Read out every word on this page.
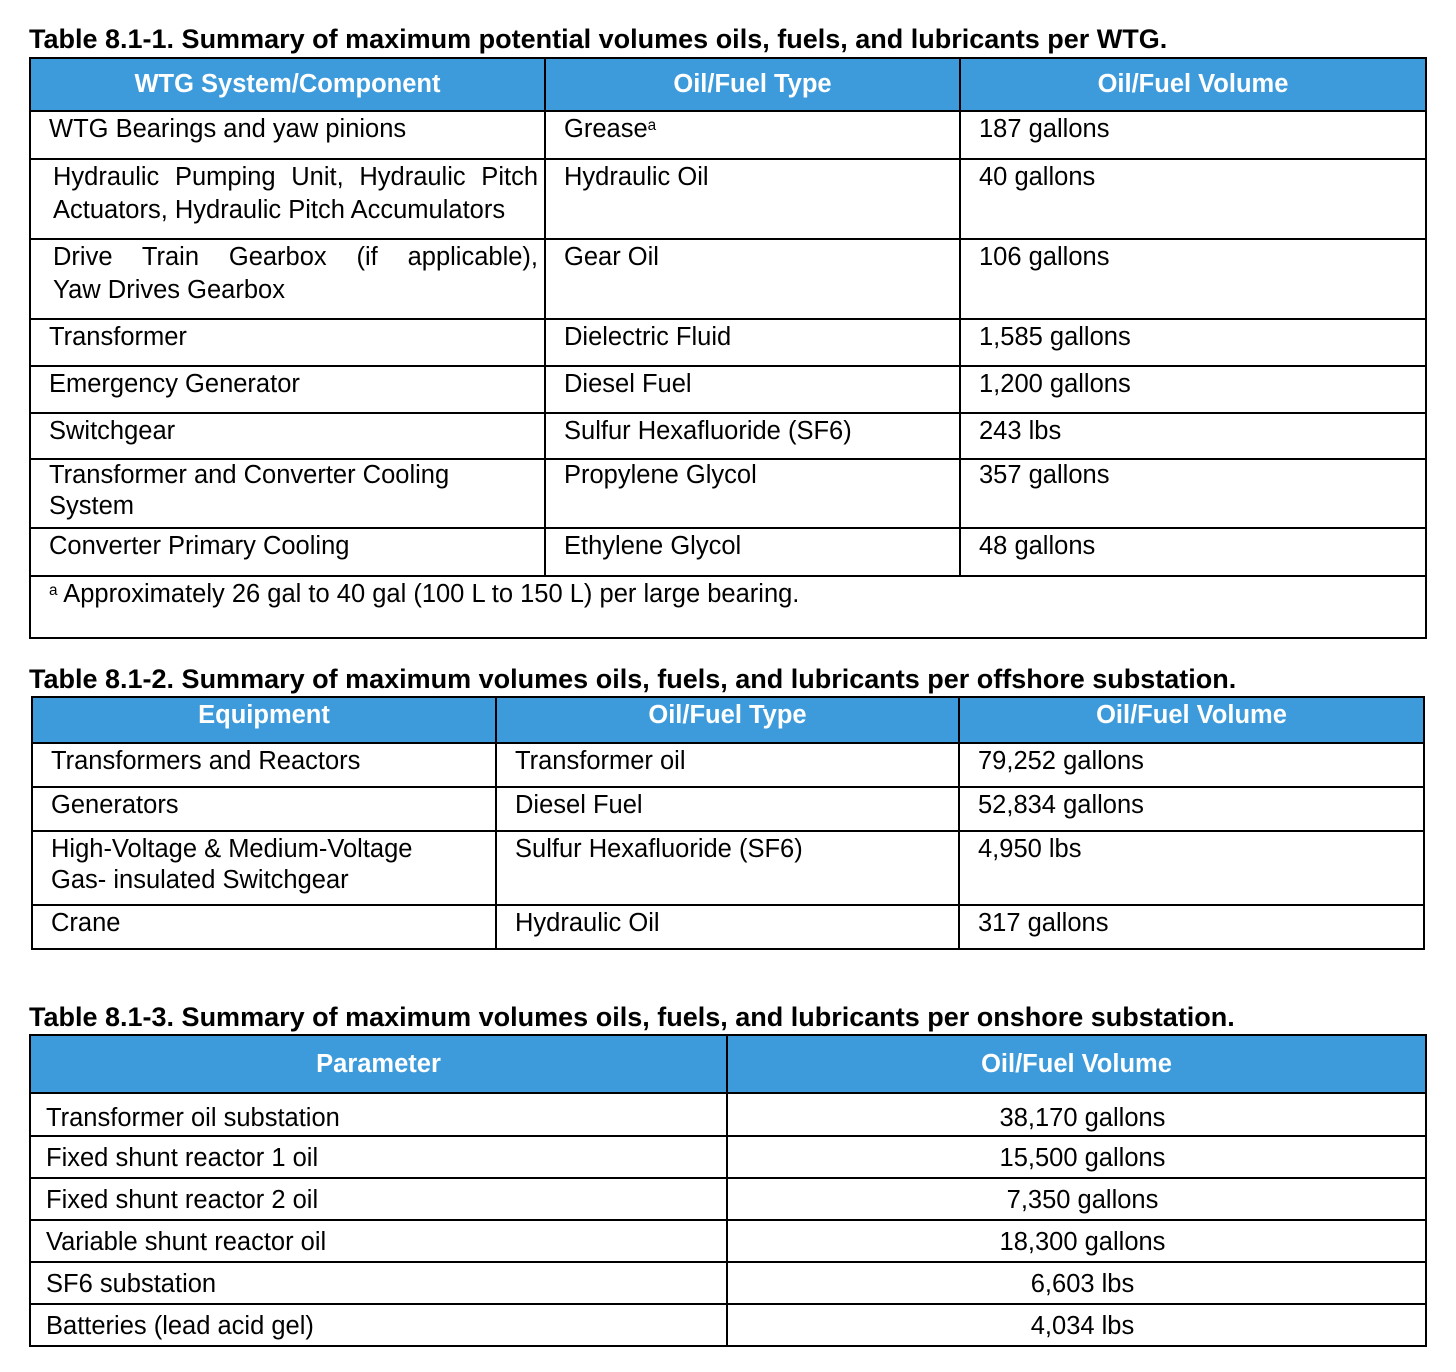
Table 8.1-1. Summary of maximum potential volumes oils, fuels, and lubricants per WTG.

WTG System/Component	Oil/Fuel Type	Oil/Fuel Volume

WTG Bearings and yaw pinions	Grease$^a$	187 gallons

Hydraulic Pumping Unit, Hydraulic Pitch
Actuators, Hydraulic Pitch Accumulators	Hydraulic Oil	40 gallons

Drive Train Gearbox (if applicable),
Yaw Drives Gearbox	Gear Oil	106 gallons

Transformer	Dielectric Fluid	1,585 gallons

Emergency Generator	Diesel Fuel	1,200 gallons

Switchgear	Sulfur Hexafluoride (SF6)	243 lbs

Transformer and Converter Cooling
System	Propylene Glycol	357 gallons

Converter Primary Cooling	Ethylene Glycol	48 gallons

$^a$ Approximately 26 gal to 40 gal (100 L to 150 L) per large bearing.		

Table 8.1-2. Summary of maximum volumes oils, fuels, and lubricants per offshore substation.

Equipment	Oil/Fuel Type	Oil/Fuel Volume

Transformers and Reactors	Transformer oil	79,252 gallons

Generators	Diesel Fuel	52,834 gallons

High-Voltage & Medium-Voltage
Gas- insulated Switchgear	Sulfur Hexafluoride (SF6)	4,950 lbs

Crane	Hydraulic Oil	317 gallons

Table 8.1-3. Summary of maximum volumes oils, fuels, and lubricants per onshore substation.

Parameter	Oil/Fuel Volume

Transformer oil substation	38,170 gallons

Fixed shunt reactor 1 oil	15,500 gallons

Fixed shunt reactor 2 oil	7,350 gallons

Variable shunt reactor oil	18,300 gallons

SF6 substation	6,603 lbs

Batteries (lead acid gel)	4,034 lbs
